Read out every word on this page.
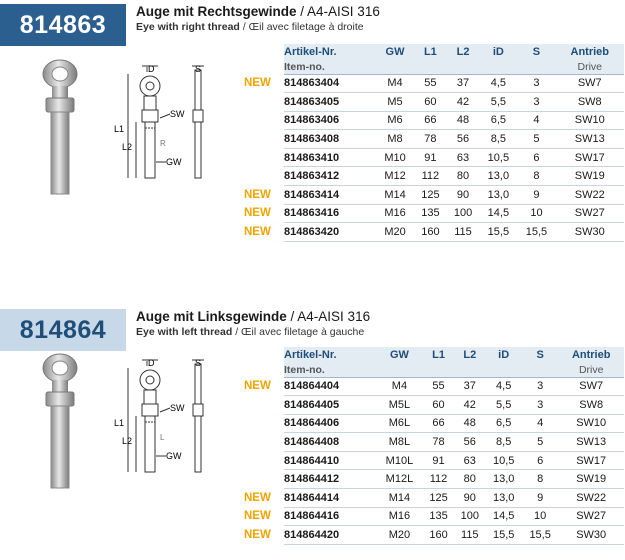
814863	Auge mit Rechtsgewinde / A4-AISI 316
Eye with right thread / Œil avec filetage à droite
iD	S
SW
L1
L2	R
GW
	Artikel-Nr.	GW	L1	L2	iD	S	Antrieb
	Item-no.						Drive
NEW	814863404	M4	55	37	4,5	3	SW7
	814863405	M5	60	42	5,5	3	SW8
	814863406	M6	66	48	6,5	4	SW10
	814863408	M8	78	56	8,5	5	SW13
	814863410	M10	91	63	10,5	6	SW17
	814863412	M12	112	80	13,0	8	SW19
NEW	814863414	M14	125	90	13,0	9	SW22
NEW	814863416	M16	135	100	14,5	10	SW27
NEW	814863420	M20	160	115	15,5	15,5	SW30
814864	Auge mit Linksgewinde / A4-AISI 316
Eye with left thread / Œil avec filetage à gauche
iD	S
SW
L1
L2	L
GW
	Artikel-Nr.	GW	L1	L2	iD	S	Antrieb
	Item-no.						Drive
NEW	814864404	M4	55	37	4,5	3	SW7
	814864405	M5L	60	42	5,5	3	SW8
	814864406	M6L	66	48	6,5	4	SW10
	814864408	M8L	78	56	8,5	5	SW13
	814864410	M10L	91	63	10,5	6	SW17
	814864412	M12L	112	80	13,0	8	SW19
NEW	814864414	M14	125	90	13,0	9	SW22
NEW	814864416	M16	135	100	14,5	10	SW27
NEW	814864420	M20	160	115	15,5	15,5	SW30
